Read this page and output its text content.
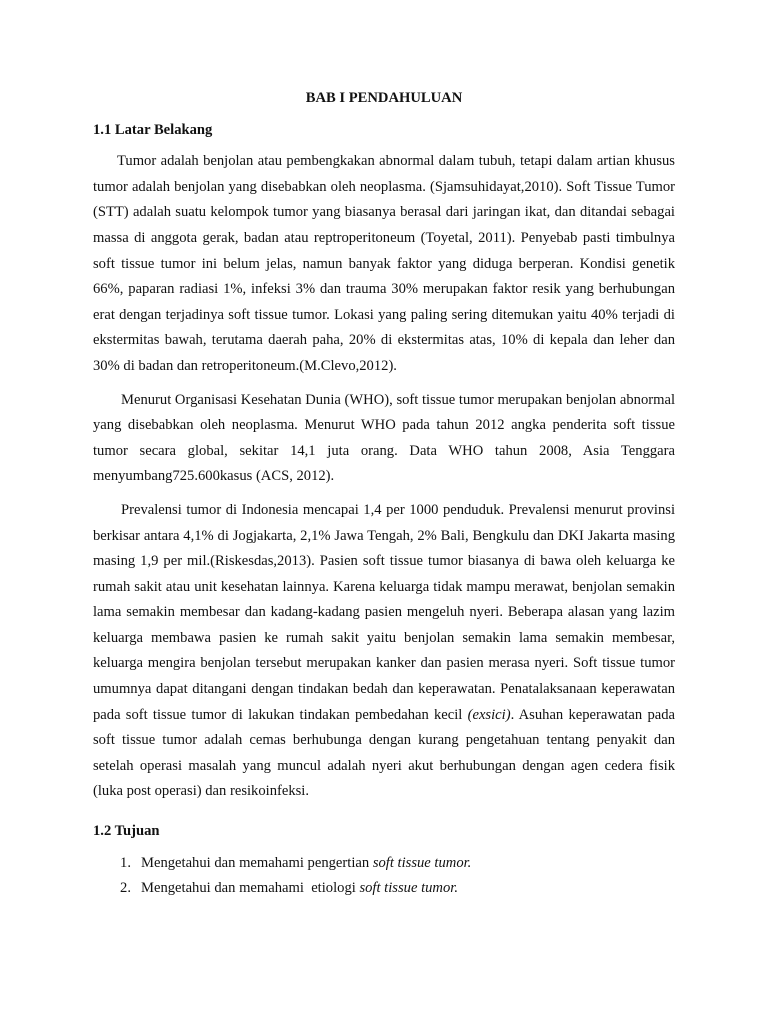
BAB I PENDAHULUAN
1.1 Latar Belakang

Tumor adalah benjolan atau pembengkakan abnormal dalam tubuh, tetapi dalam artian khusus tumor adalah benjolan yang disebabkan oleh neoplasma. (Sjamsuhidayat,2010). Soft Tissue Tumor (STT) adalah suatu kelompok tumor yang biasanya berasal dari jaringan ikat, dan ditandai sebagai massa di anggota gerak, badan atau reptroperitoneum (Toyetal, 2011). Penyebab pasti timbulnya soft tissue tumor ini belum jelas, namun banyak faktor yang diduga berperan. Kondisi genetik 66%, paparan radiasi 1%, infeksi 3% dan trauma 30% merupakan faktor resik yang berhubungan erat dengan terjadinya soft tissue tumor. Lokasi yang paling sering ditemukan yaitu 40% terjadi di ekstermitas bawah, terutama daerah paha, 20% di ekstermitas atas, 10% di kepala dan leher dan 30% di badan dan retroperitoneum.(M.Clevo,2012).

Menurut Organisasi Kesehatan Dunia (WHO), soft tissue tumor merupakan benjolan abnormal yang disebabkan oleh neoplasma. Menurut WHO pada tahun 2012 angka penderita soft tissue tumor secara global, sekitar 14,1 juta orang. Data WHO tahun 2008, Asia Tenggara menyumbang725.600kasus (ACS, 2012).

Prevalensi tumor di Indonesia mencapai 1,4 per 1000 penduduk. Prevalensi menurut provinsi berkisar antara 4,1% di Jogjakarta, 2,1% Jawa Tengah, 2% Bali, Bengkulu dan DKI Jakarta masing masing 1,9 per mil.(Riskesdas,2013). Pasien soft tissue tumor biasanya di bawa oleh keluarga ke rumah sakit atau unit kesehatan lainnya. Karena keluarga tidak mampu merawat, benjolan semakin lama semakin membesar dan kadang-kadang pasien mengeluh nyeri. Beberapa alasan yang lazim keluarga membawa pasien ke rumah sakit yaitu benjolan semakin lama semakin membesar, keluarga mengira benjolan tersebut merupakan kanker dan pasien merasa nyeri. Soft tissue tumor umumnya dapat ditangani dengan tindakan bedah dan keperawatan. Penatalaksanaan keperawatan pada soft tissue tumor di lakukan tindakan pembedahan kecil (exsici). Asuhan keperawatan pada soft tissue tumor adalah cemas berhubunga dengan kurang pengetahuan tentang penyakit dan setelah operasi masalah yang muncul adalah nyeri akut berhubungan dengan agen cedera fisik (luka post operasi) dan resikoinfeksi.

1.2 Tujuan
1. Mengetahui dan memahami pengertian soft tissue tumor.
2. Mengetahui dan memahami  etiologi soft tissue tumor.
